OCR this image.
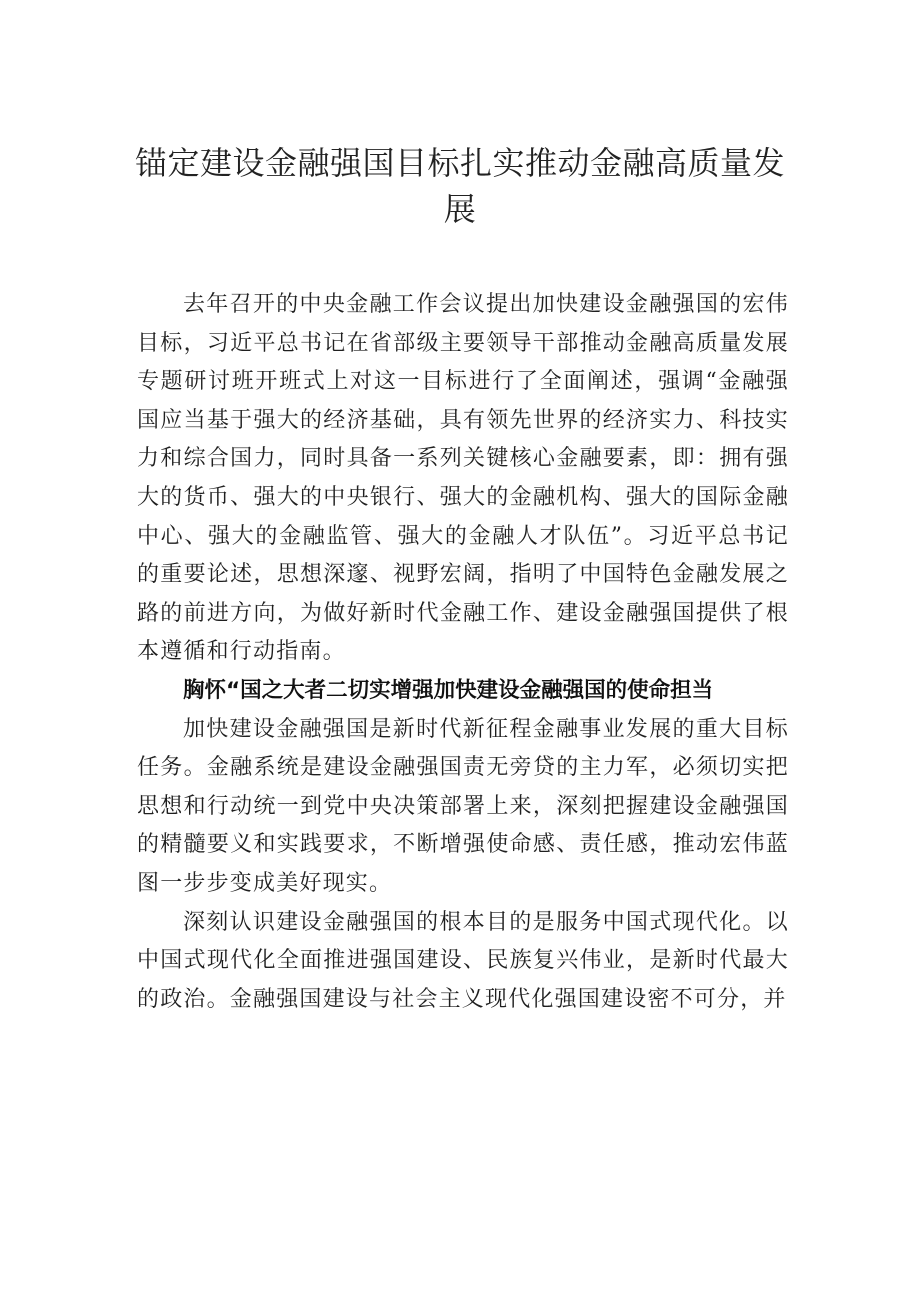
锚定建设金融强国目标扎实推动金融高质量发展

去年召开的中央金融工作会议提出加快建设金融强国的宏伟目标，习近平总书记在省部级主要领导干部推动金融高质量发展专题研讨班开班式上对这一目标进行了全面阐述，强调“金融强国应当基于强大的经济基础，具有领先世界的经济实力、科技实力和综合国力，同时具备一系列关键核心金融要素，即：拥有强大的货币、强大的中央银行、强大的金融机构、强大的国际金融中心、强大的金融监管、强大的金融人才队伍”。习近平总书记的重要论述，思想深邃、视野宏阔，指明了中国特色金融发展之路的前进方向，为做好新时代金融工作、建设金融强国提供了根本遵循和行动指南。

胸怀“国之大者二切实增强加快建设金融强国的使命担当

加快建设金融强国是新时代新征程金融事业发展的重大目标任务。金融系统是建设金融强国责无旁贷的主力军，必须切实把思想和行动统一到党中央决策部署上来，深刻把握建设金融强国的精髓要义和实践要求，不断增强使命感、责任感，推动宏伟蓝图一步步变成美好现实。

深刻认识建设金融强国的根本目的是服务中国式现代化。以中国式现代化全面推进强国建设、民族复兴伟业，是新时代最大的政治。金融强国建设与社会主义现代化强国建设密不可分，并
